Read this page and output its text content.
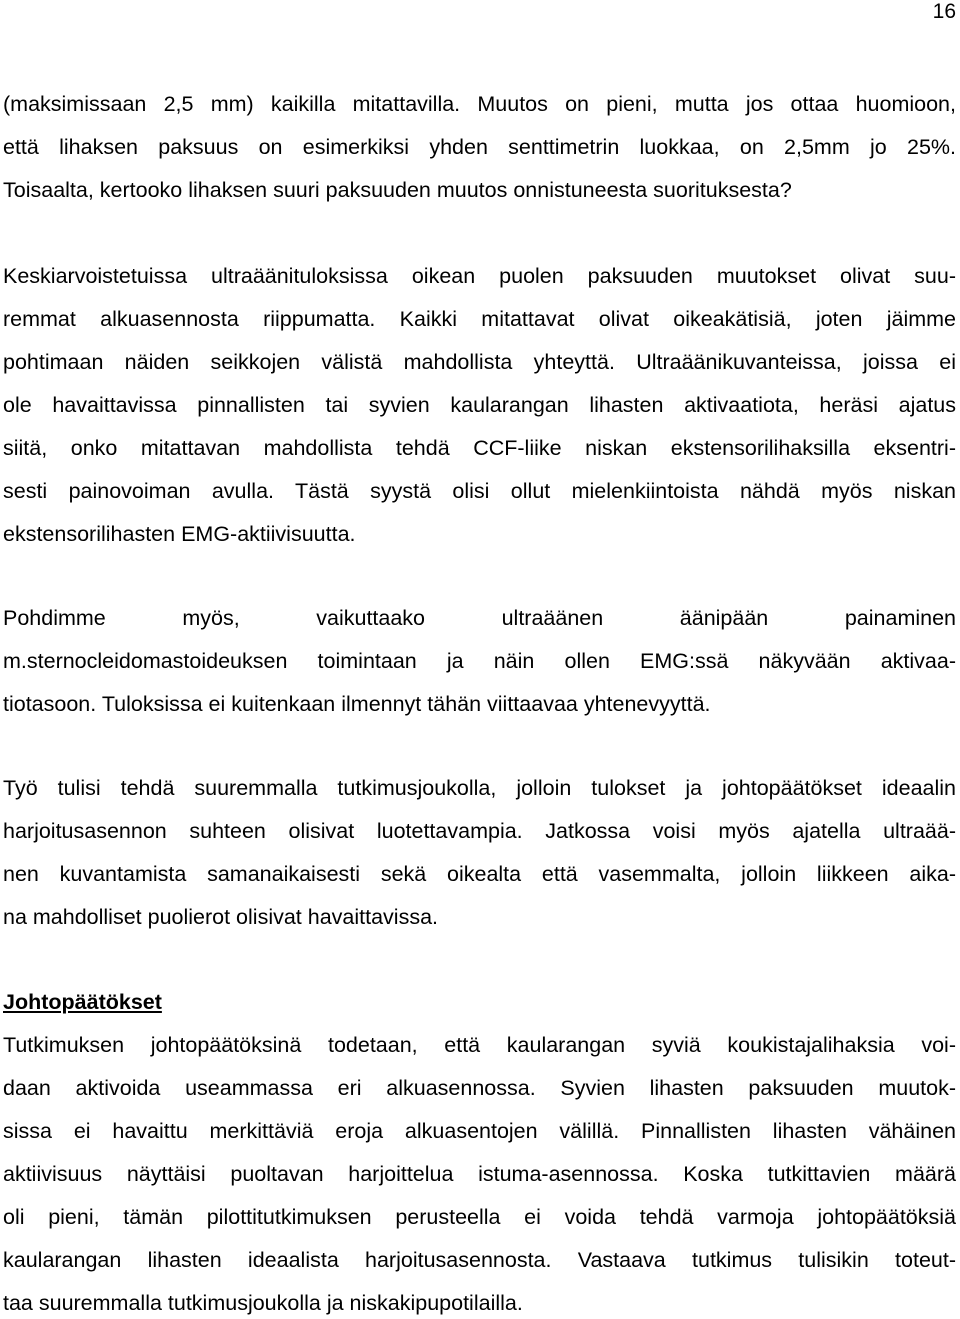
16
(maksimissaan 2,5 mm) kaikilla mitattavilla. Muutos on pieni, mutta jos ottaa huomioon,
että lihaksen paksuus on esimerkiksi yhden senttimetrin luokkaa, on 2,5mm jo 25%.
Toisaalta, kertooko lihaksen suuri paksuuden muutos onnistuneesta suorituksesta?
Keskiarvoistetuissa ultraäänituloksissa oikean puolen paksuuden muutokset olivat suu-
remmat alkuasennosta riippumatta. Kaikki mitattavat olivat oikeakätisiä, joten jäimme
pohtimaan näiden seikkojen välistä mahdollista yhteyttä. Ultraäänikuvanteissa, joissa ei
ole havaittavissa pinnallisten tai syvien kaularangan lihasten aktivaatiota, heräsi ajatus
siitä, onko mitattavan mahdollista tehdä CCF-liike niskan ekstensorilihaksilla eksentri-
sesti painovoiman avulla. Tästä syystä olisi ollut mielenkiintoista nähdä myös niskan
ekstensorilihasten EMG-aktiivisuutta.
Pohdimme myös, vaikuttaako ultraäänen äänipään painaminen
m.sternocleidomastoideuksen toimintaan ja näin ollen EMG:ssä näkyvään aktivaa-
tiotasoon. Tuloksissa ei kuitenkaan ilmennyt tähän viittaavaa yhtenevyyttä.
Työ tulisi tehdä suuremmalla tutkimusjoukolla, jolloin tulokset ja johtopäätökset ideaalin
harjoitusasennon suhteen olisivat luotettavampia. Jatkossa voisi myös ajatella ultraää-
nen kuvantamista samanaikaisesti sekä oikealta että vasemmalta, jolloin liikkeen aika-
na mahdolliset puolierot olisivat havaittavissa.
Johtopäätökset
Tutkimuksen johtopäätöksinä todetaan, että kaularangan syviä koukistajalihaksia voi-
daan aktivoida useammassa eri alkuasennossa. Syvien lihasten paksuuden muutok-
sissa ei havaittu merkittäviä eroja alkuasentojen välillä. Pinnallisten lihasten vähäinen
aktiivisuus näyttäisi puoltavan harjoittelua istuma-asennossa. Koska tutkittavien määrä
oli pieni, tämän pilottitutkimuksen perusteella ei voida tehdä varmoja johtopäätöksiä
kaularangan lihasten ideaalista harjoitusasennosta. Vastaava tutkimus tulisikin toteut-
taa suuremmalla tutkimusjoukolla ja niskakipupotilailla.
